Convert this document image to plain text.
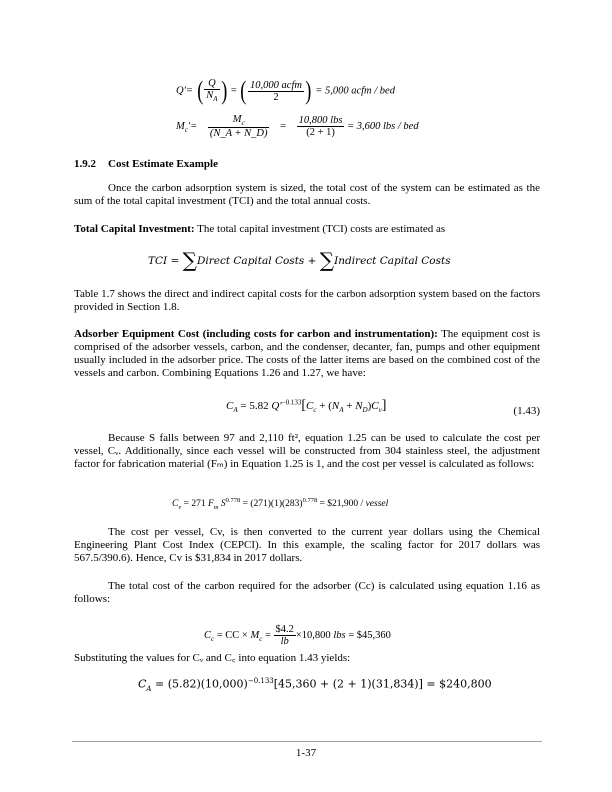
Q'= ( $\frac{Q}{N_A}$ ) = ( $\frac{\text{10,000 acfm}}{2}$ ) = 5,000 acfm / bed
$M_c'= \frac{M_c}{(N\_A + N\_D)} = \frac{\text{10,800 lbs}}{(2 + 1)} = 3,600$ lbs / bed
1.9.2 Cost Estimate Example
Once the carbon adsorption system is sized, the total cost of the system can be estimated as the sum of the total capital investment (TCI) and the total annual costs.
Total Capital Investment: The total capital investment (TCI) costs are estimated as
TCI = ∑Direct Capital Costs + ∑Indirect Capital Costs
Table 1.7 shows the direct and indirect capital costs for the carbon adsorption system based on the factors provided in Section 1.8.
Adsorber Equipment Cost (including costs for carbon and instrumentation): The equipment cost is comprised of the adsorber vessels, carbon, and the condenser, decanter, fan, pumps and other equipment usually included in the adsorber price. The costs of the latter items are based on the combined cost of the vessels and carbon. Combining Equations 1.26 and 1.27, we have:
$C_A = 5.82$ $Q'^{-0.133}[C_c + (N_A + N_D)C_v]$	(1.43)
Because S falls between 97 and 2,110 ft², equation 1.25 can be used to calculate the cost per vessel, Cᵥ. Additionally, since each vessel will be constructed from 304 stainless steel, the adjustment factor for fabrication material (Fₘ) in Equation 1.25 is 1, and the cost per vessel is calculated as follows:
$C_v = 271$ $F_m$ $S^{0.778} = (271)(1)(283)^{0.778}$ = $21,900 / vessel
The cost per vessel, Cv, is then converted to the current year dollars using the Chemical Engineering Plant Cost Index (CEPCI). In this example, the scaling factor for 2017 dollars was 567.5/390.6). Hence, Cv is $31,834 in 2017 dollars.
The total cost of the carbon required for the adsorber (Cc) is calculated using equation 1.16 as follows:
$C_c$ = CC × $M_c = \frac{\$4.2}{lb} \times 10,800$ lbs = $45,360
Substituting the values for Cᵥ and C꜀ into equation 1.43 yields:
$C_A = (5.82)(10,000)^{-0.133}[45,360 + (2 + 1)(31,834)]$ = $240,800
1-37
